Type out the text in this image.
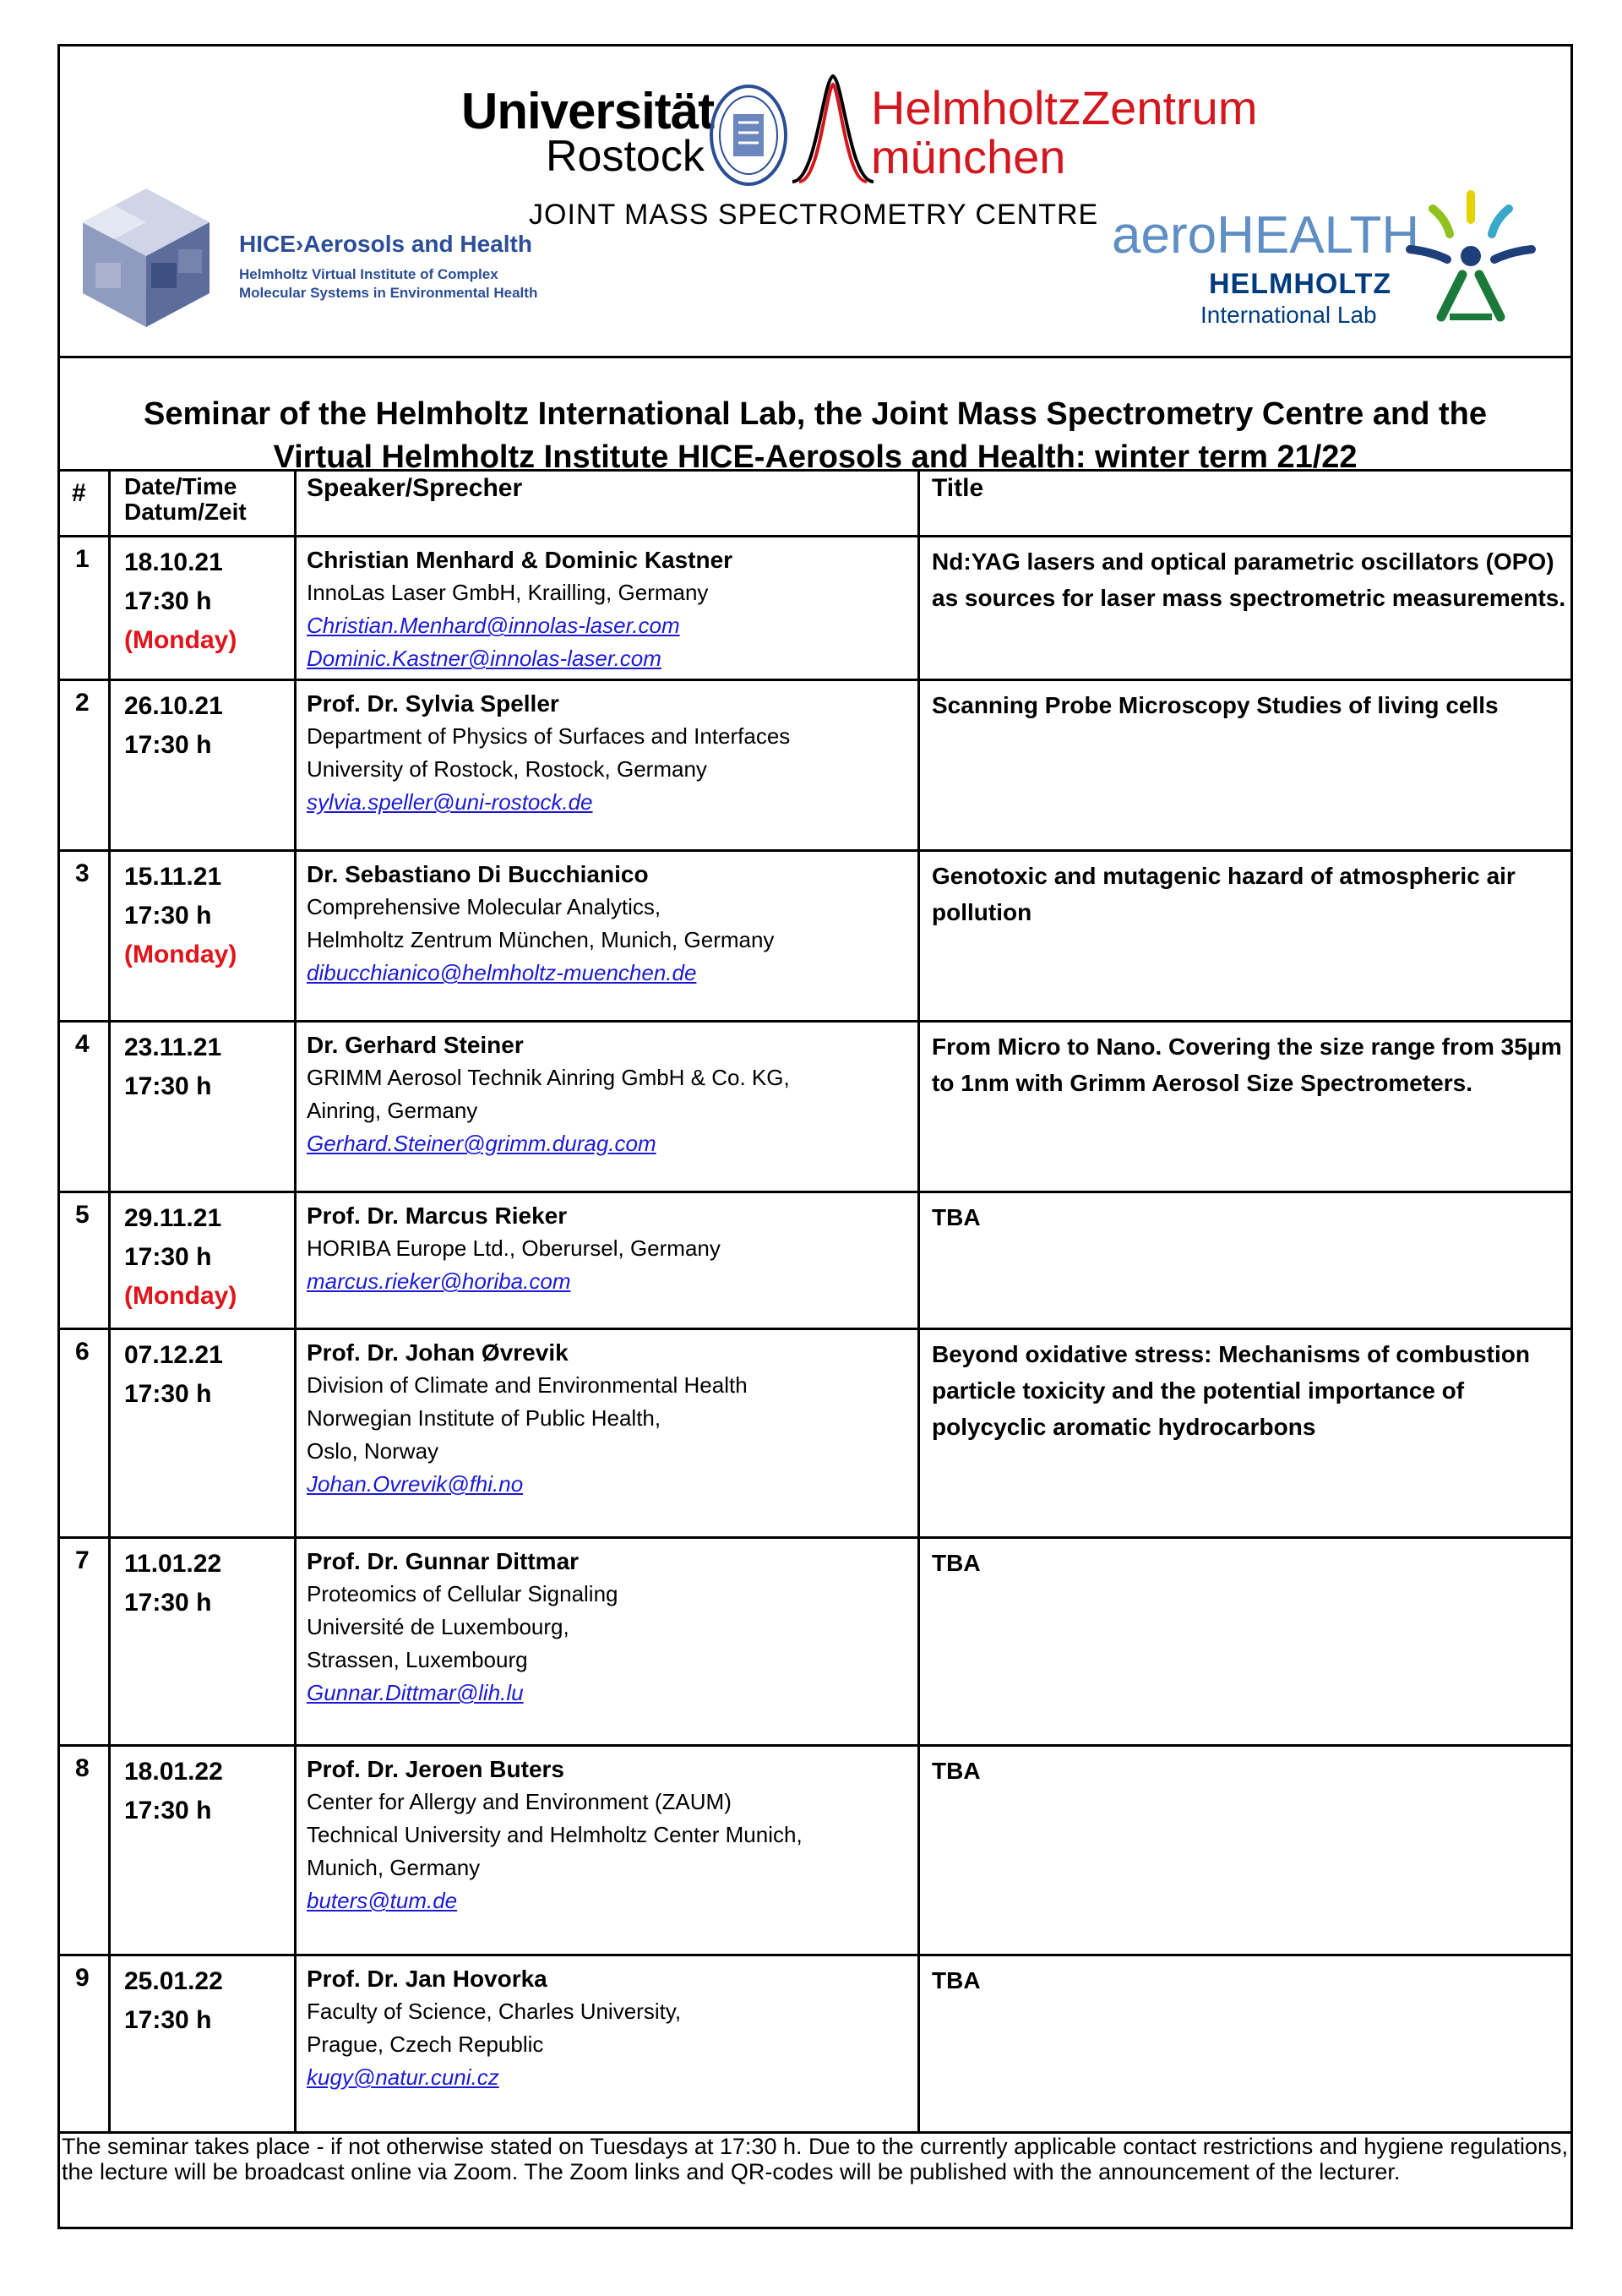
Universität
Rostock
HelmholtzZentrum
münchen
JOINT MASS SPECTROMETRY CENTRE
HICE›Aerosols and Health
Helmholtz Virtual Institute of Complex
Molecular Systems in Environmental Health
aeroHEALTH
HELMHOLTZ
International Lab
Seminar of the Helmholtz International Lab, the Joint Mass Spectrometry Centre and the
Virtual Helmholtz Institute HICE-Aerosols and Health: winter term 21/22
# Date/Time
Datum/Zeit
Speaker/Sprecher	Title
1 18.10.21
17:30 h
(Monday)
Christian Menhard & Dominic Kastner
InnoLas Laser GmbH, Krailling, Germany
Christian.Menhard@innolas-laser.com
Dominic.Kastner@innolas-laser.com
Nd:YAG lasers and optical parametric oscillators (OPO) as sources for laser mass spectrometric measurements.
2 26.10.21
17:30 h
Prof. Dr. Sylvia Speller
Department of Physics of Surfaces and Interfaces
University of Rostock, Rostock, Germany
sylvia.speller@uni-rostock.de
Scanning Probe Microscopy Studies of living cells
3 15.11.21
17:30 h
(Monday)
Dr. Sebastiano Di Bucchianico
Comprehensive Molecular Analytics,
Helmholtz Zentrum München, Munich, Germany
dibucchianico@helmholtz-muenchen.de
Genotoxic and mutagenic hazard of atmospheric air pollution
4 23.11.21
17:30 h
Dr. Gerhard Steiner
GRIMM Aerosol Technik Ainring GmbH & Co. KG,
Ainring, Germany
Gerhard.Steiner@grimm.durag.com
From Micro to Nano. Covering the size range from 35µm to 1nm with Grimm Aerosol Size Spectrometers.
5 29.11.21
17:30 h
(Monday)
Prof. Dr. Marcus Rieker
HORIBA Europe Ltd., Oberursel, Germany
marcus.rieker@horiba.com
TBA
6 07.12.21
17:30 h
Prof. Dr. Johan Øvrevik
Division of Climate and Environmental Health
Norwegian Institute of Public Health,
Oslo, Norway
Johan.Ovrevik@fhi.no
Beyond oxidative stress: Mechanisms of combustion particle toxicity and the potential importance of polycyclic aromatic hydrocarbons
7 11.01.22
17:30 h
Prof. Dr. Gunnar Dittmar
Proteomics of Cellular Signaling
Université de Luxembourg,
Strassen, Luxembourg
Gunnar.Dittmar@lih.lu
TBA
8 18.01.22
17:30 h
Prof. Dr. Jeroen Buters
Center for Allergy and Environment (ZAUM)
Technical University and Helmholtz Center Munich,
Munich, Germany
buters@tum.de
TBA
9 25.01.22
17:30 h
Prof. Dr. Jan Hovorka
Faculty of Science, Charles University,
Prague, Czech Republic
kugy@natur.cuni.cz
TBA
The seminar takes place - if not otherwise stated on Tuesdays at 17:30 h. Due to the currently applicable contact restrictions and hygiene regulations, the lecture will be broadcast online via Zoom. The Zoom links and QR-codes will be published with the announcement of the lecturer.
